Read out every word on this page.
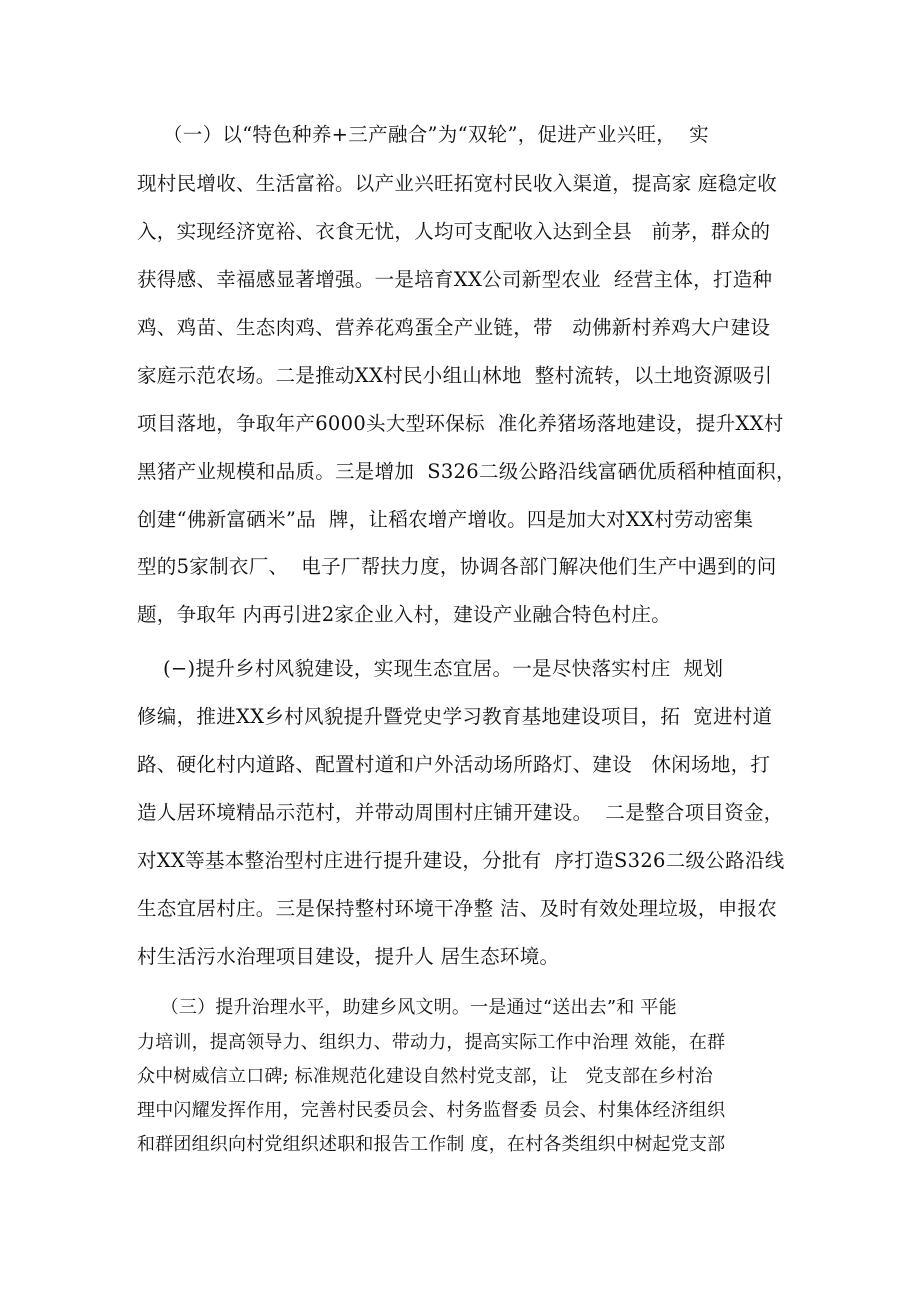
（一）以“特色种养+三产融合”为“双轮”，促进产业兴旺，  实

现村民增收、生活富裕。以产业兴旺拓宽村民收入渠道，提高家 庭稳定收

入，实现经济宽裕、衣食无忧，人均可支配收入达到全县   前茅，群众的

获得感、幸福感显著增强。一是培育XX公司新型农业  经营主体，打造种

鸡、鸡苗、生态肉鸡、营养花鸡蛋全产业链，带   动佛新村养鸡大户建设

家庭示范农场。二是推动XX村民小组山林地  整村流转，以土地资源吸引

项目落地，争取年产6000头大型环保标  准化养猪场落地建设，提升XX村

黑猪产业规模和品质。三是增加  S326二级公路沿线富硒优质稻种植面积，

创建“佛新富硒米”品  牌，让稻农增产增收。四是加大对XX村劳动密集

型的5家制衣厂、  电子厂帮扶力度，协调各部门解决他们生产中遇到的问

题，争取年 内再引进2家企业入村，建设产业融合特色村庄。

(−)提升乡村风貌建设，实现生态宜居。一是尽快落实村庄  规划

修编，推进XX乡村风貌提升暨党史学习教育基地建设项目，拓  宽进村道

路、硬化村内道路、配置村道和户外活动场所路灯、建设   休闲场地，打

造人居环境精品示范村，并带动周围村庄铺开建设。  二是整合项目资金，

对XX等基本整治型村庄进行提升建设，分批有  序打造S326二级公路沿线

生态宜居村庄。三是保持整村环境干净整 洁、及时有效处理垃圾，申报农

村生活污水治理项目建设，提升人 居生态环境。

（三）提升治理水平，助建乡风文明。一是通过“送出去”和 平能

力培训，提高领导力、组织力、带动力，提高实际工作中治理 效能，在群

众中树威信立口碑; 标准规范化建设自然村党支部，让   党支部在乡村治

理中闪耀发挥作用，完善村民委员会、村务监督委 员会、村集体经济组织

和群团组织向村党组织述职和报告工作制 度，在村各类组织中树起党支部
